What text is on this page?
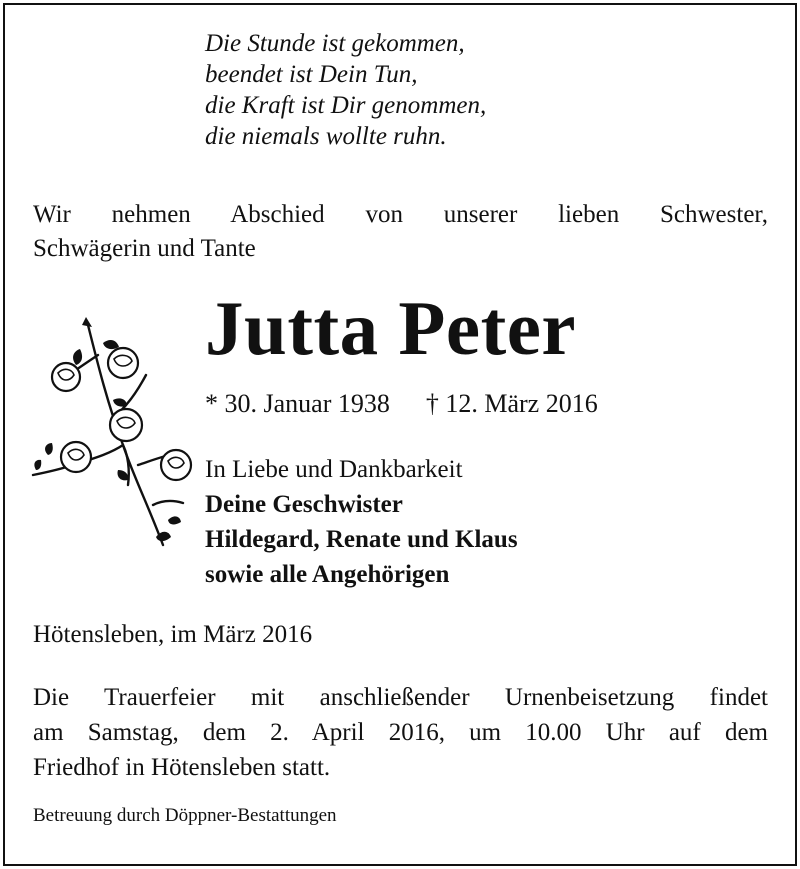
Die Stunde ist gekommen,
beendet ist Dein Tun,
die Kraft ist Dir genommen,
die niemals wollte ruhn.
Wir nehmen Abschied von unserer lieben Schwester,
Schwägerin und Tante
Jutta Peter
* 30. Januar 1938 † 12. März 2016
In Liebe und Dankbarkeit
Deine Geschwister
Hildegard, Renate und Klaus
sowie alle Angehörigen
Hötensleben, im März 2016
Die Trauerfeier mit anschließender Urnenbeisetzung findet
am Samstag, dem 2. April 2016, um 10.00 Uhr auf dem
Friedhof in Hötensleben statt.
Betreuung durch Döppner-Bestattungen
